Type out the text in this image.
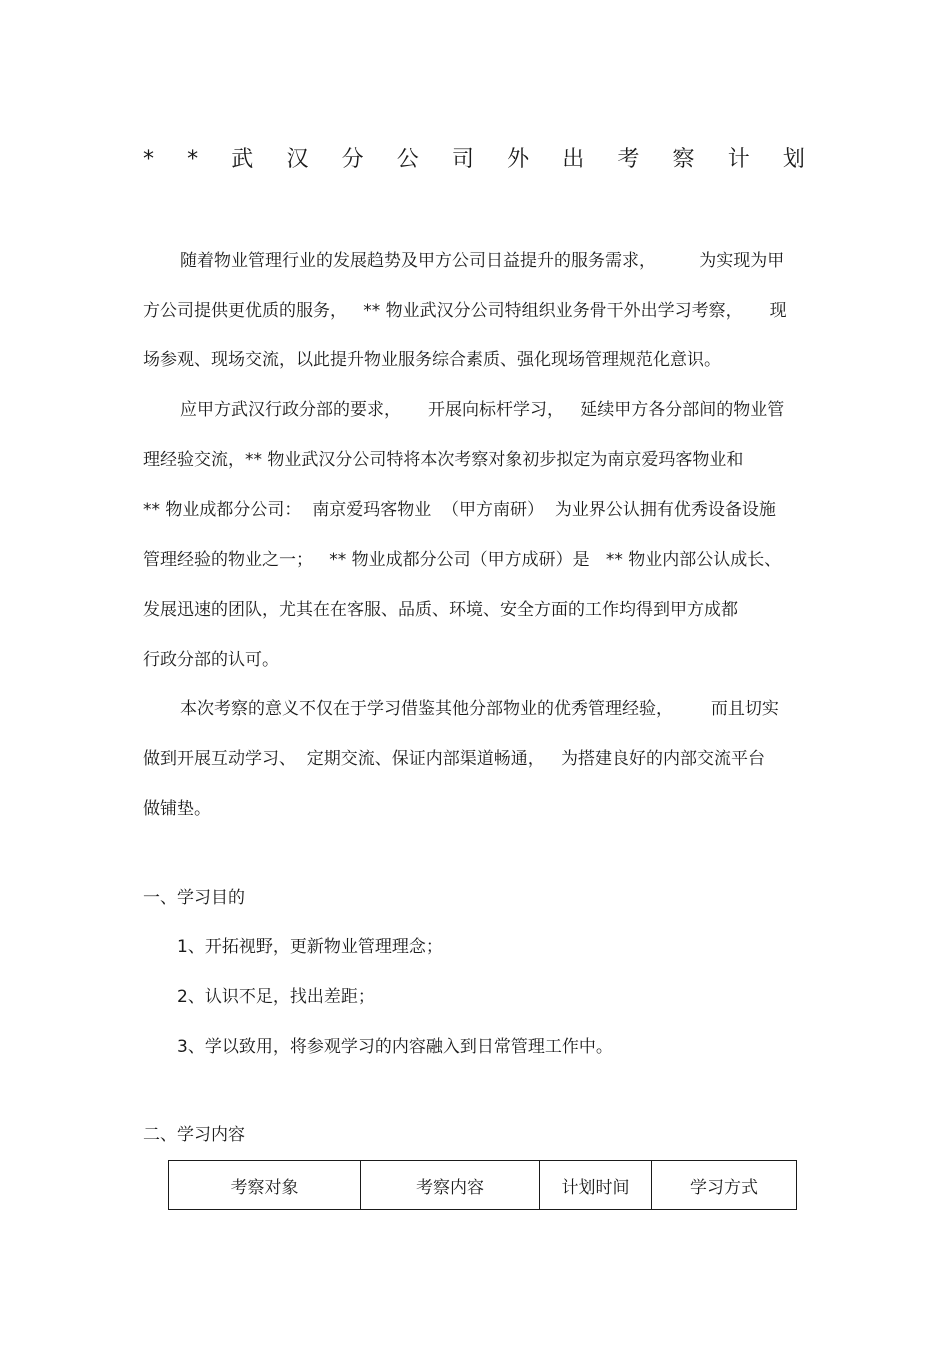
* * 武 汉 分 公 司 外 出 考 察 计 划
随着物业管理行业的发展趋势及甲方公司日益提升的服务需求，        为实现为甲
方公司提供更优质的服务，   ** 物业武汉分公司特组织业务骨干外出学习考察，     现
场参观、现场交流，以此提升物业服务综合素质、强化现场管理规范化意识。
应甲方武汉行政分部的要求，     开展向标杆学习，   延续甲方各分部间的物业管
理经验交流，** 物业武汉分公司特将本次考察对象初步拟定为南京爱玛客物业和
** 物业成都分公司：  南京爱玛客物业  （甲方南研）  为业界公认拥有优秀设备设施
管理经验的物业之一；   ** 物业成都分公司（甲方成研）是   ** 物业内部公认成长、
发展迅速的团队，尤其在在客服、品质、环境、安全方面的工作均得到甲方成都
行政分部的认可。
本次考察的意义不仅在于学习借鉴其他分部物业的优秀管理经验，       而且切实
做到开展互动学习、  定期交流、保证内部渠道畅通，   为搭建良好的内部交流平台
做铺垫。
一、学习目的
1、开拓视野，更新物业管理理念；
2、认识不足，找出差距；
3、学以致用，将参观学习的内容融入到日常管理工作中。
二、学习内容
考察对象	考察内容	计划时间	学习方式
